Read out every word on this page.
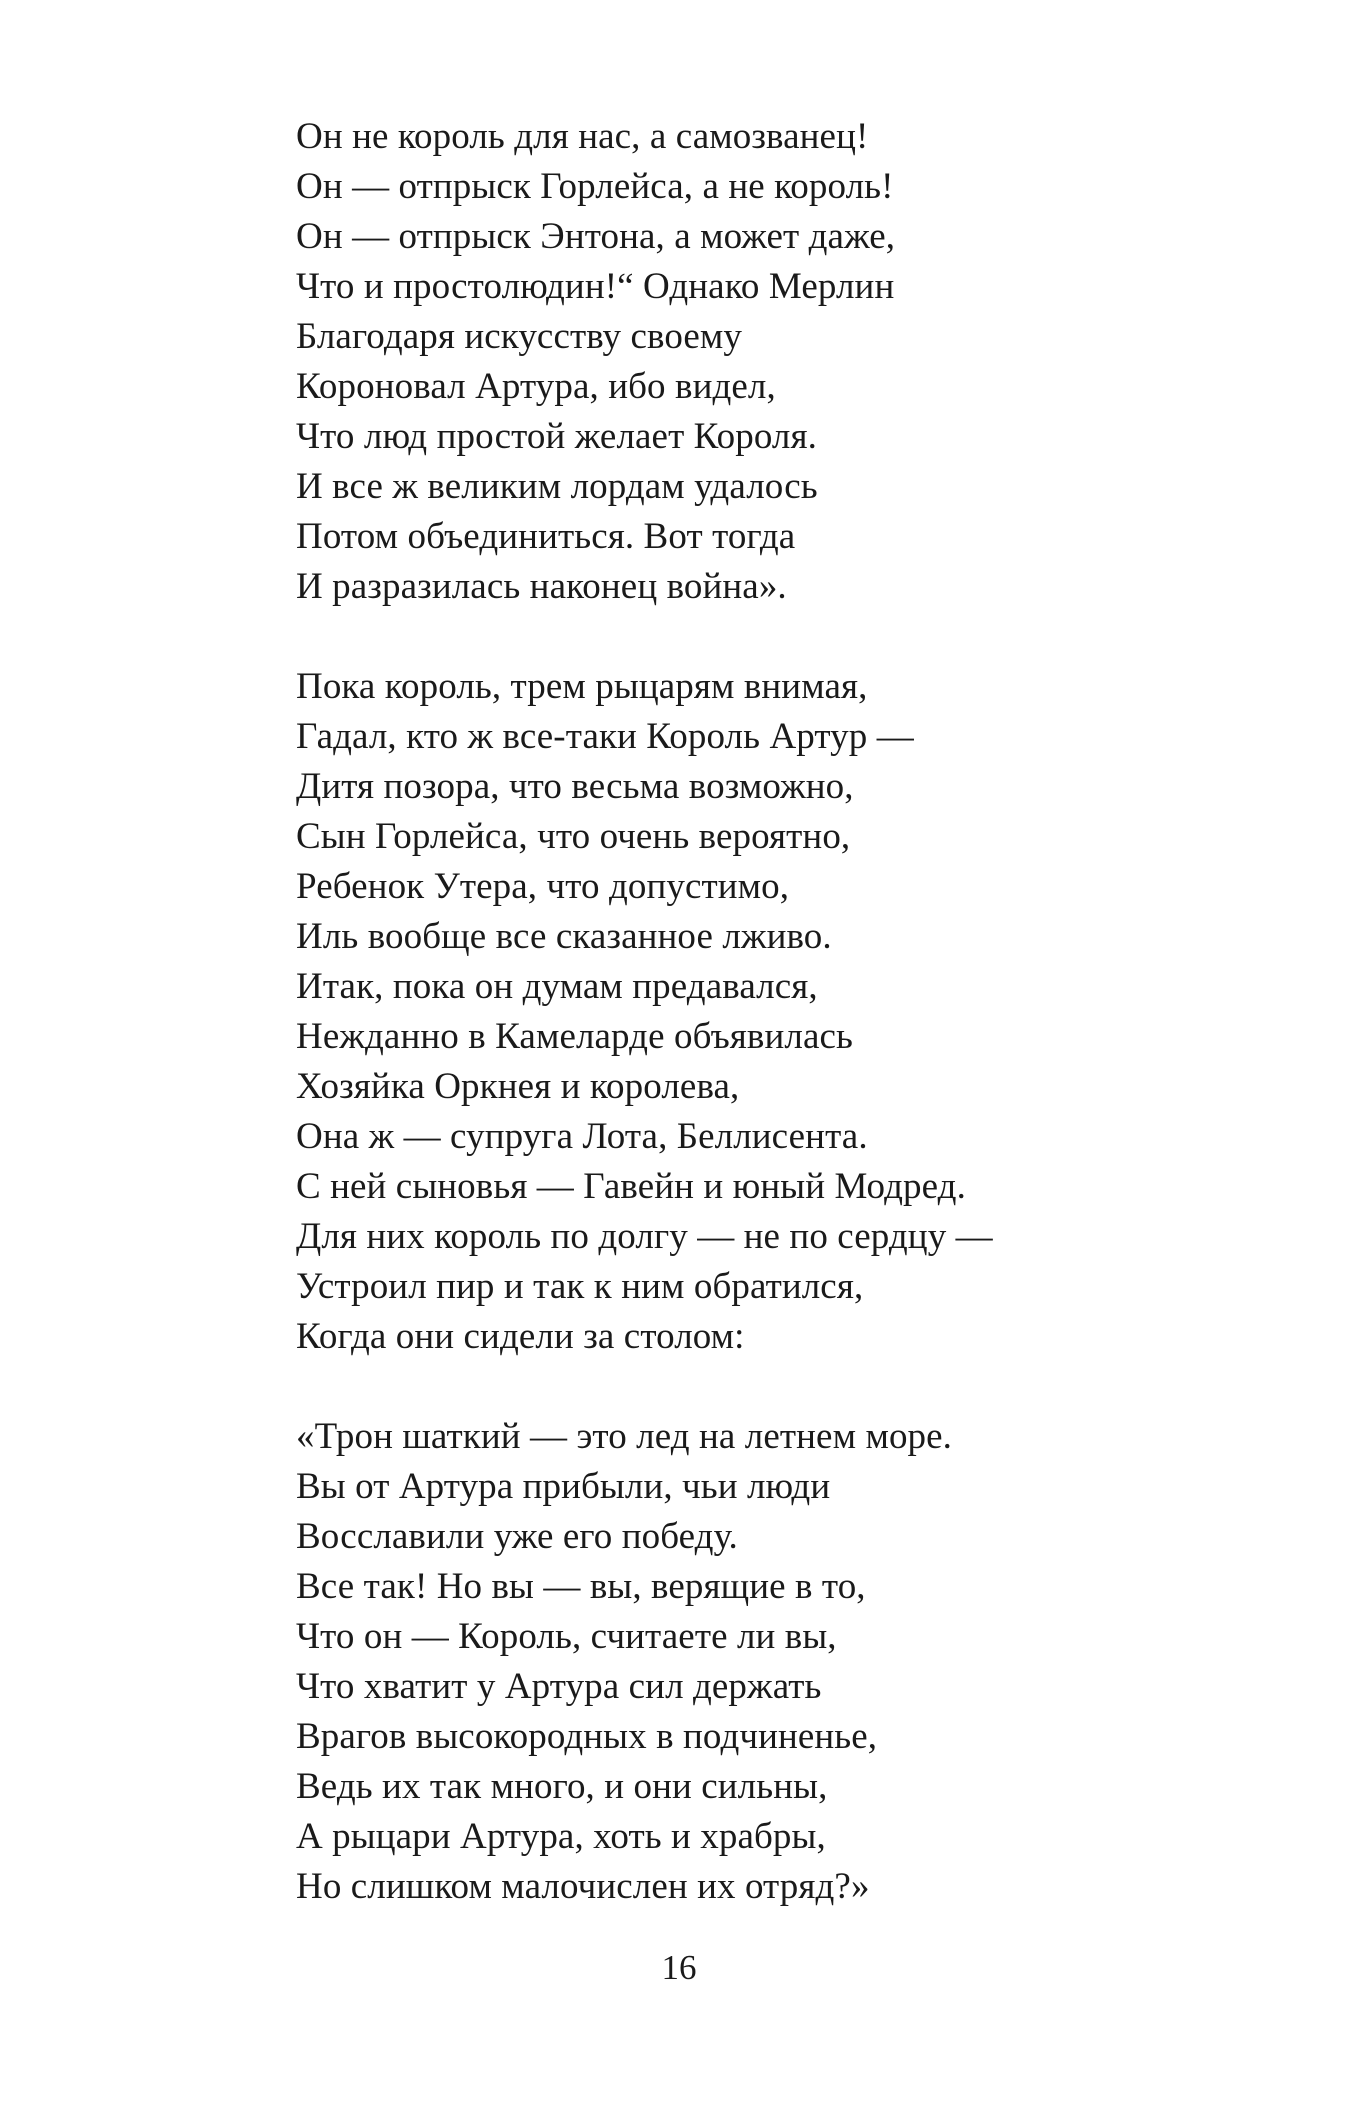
Он не король для нас, а самозванец!
Он — отпрыск Горлейса, а не король!
Он — отпрыск Энтона, а может даже,
Что и простолюдин!“ Однако Мерлин
Благодаря искусству своему
Короновал Артура, ибо видел,
Что люд простой желает Короля.
И все ж великим лордам удалось
Потом объединиться. Вот тогда
И разразилась наконец война».
Пока король, трем рыцарям внимая,
Гадал, кто ж все-таки Король Артур —
Дитя позора, что весьма возможно,
Сын Горлейса, что очень вероятно,
Ребенок Утера, что допустимо,
Иль вообще все сказанное лживо.
Итак, пока он думам предавался,
Нежданно в Камеларде объявилась
Хозяйка Оркнея и королева,
Она ж — супруга Лота, Беллисента.
С ней сыновья — Гавейн и юный Модред.
Для них король по долгу — не по сердцу —
Устроил пир и так к ним обратился,
Когда они сидели за столом:
«Трон шаткий — это лед на летнем море.
Вы от Артура прибыли, чьи люди
Восславили уже его победу.
Все так! Но вы — вы, верящие в то,
Что он — Король, считаете ли вы,
Что хватит у Артура сил держать
Врагов высокородных в подчиненье,
Ведь их так много, и они сильны,
А рыцари Артура, хоть и храбры,
Но слишком малочислен их отряд?»
16
